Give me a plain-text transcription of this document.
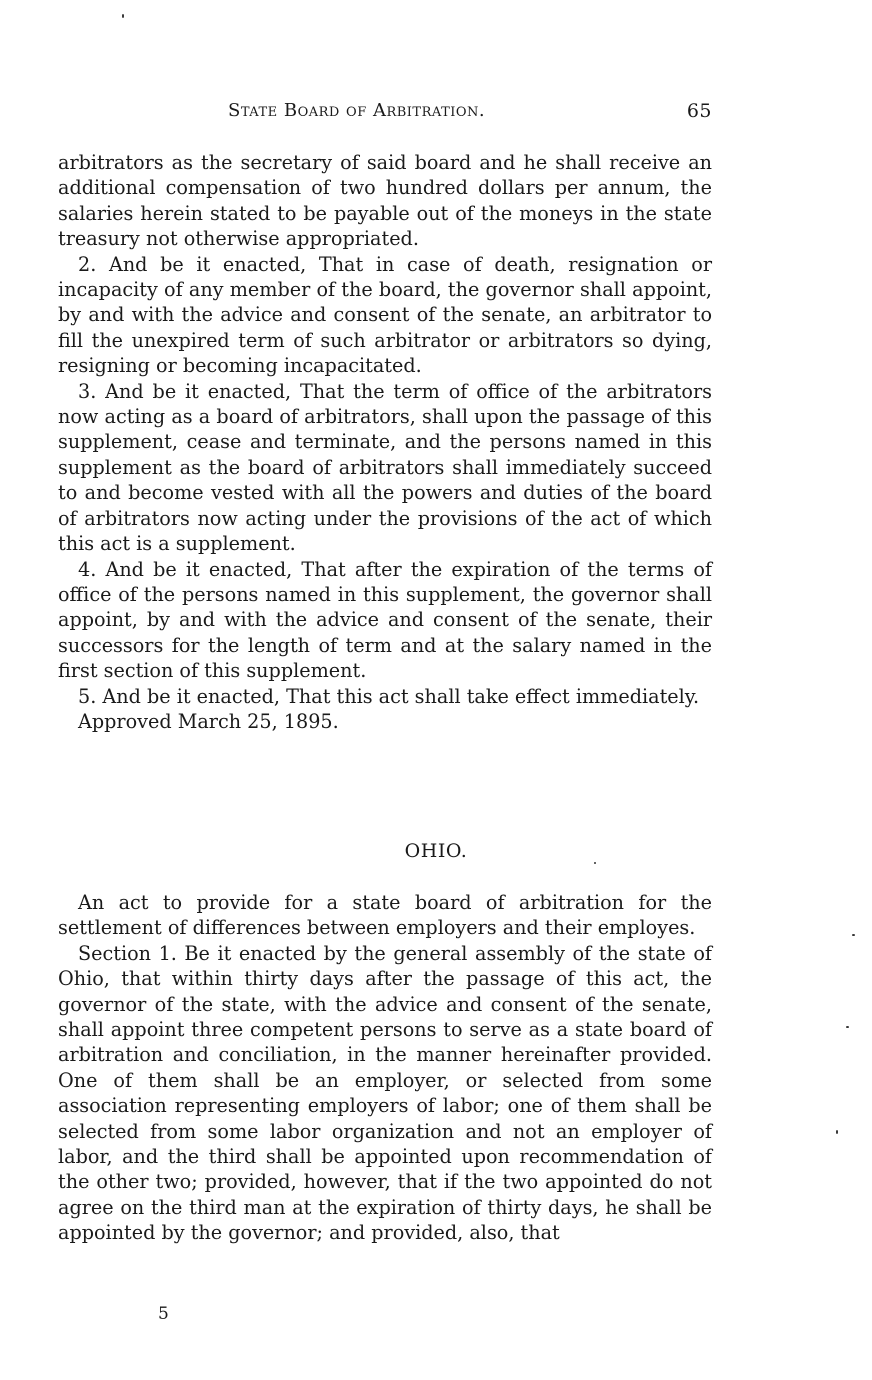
State Board of Arbitration.	65

arbitrators as the secretary of said board and he shall receive an additional compensation of two hundred dollars per annum, the salaries herein stated to be payable out of the moneys in the state treasury not otherwise appropriated.

2. And be it enacted, That in case of death, resignation or incapacity of any member of the board, the governor shall appoint, by and with the advice and consent of the senate, an arbitrator to fill the unexpired term of such arbitrator or arbitrators so dying, resigning or becoming incapacitated.

3. And be it enacted, That the term of office of the arbitrators now acting as a board of arbitrators, shall upon the passage of this supplement, cease and terminate, and the persons named in this supplement as the board of arbitrators shall immediately succeed to and become vested with all the powers and duties of the board of arbitrators now acting under the provisions of the act of which this act is a supplement.

4. And be it enacted, That after the expiration of the terms of office of the persons named in this supplement, the governor shall appoint, by and with the advice and consent of the senate, their successors for the length of term and at the salary named in the first section of this supplement.

5. And be it enacted, That this act shall take effect immediately.

Approved March 25, 1895.

OHIO.

An act to provide for a state board of arbitration for the settlement of differences between employers and their employes.

Section 1. Be it enacted by the general assembly of the state of Ohio, that within thirty days after the passage of this act, the governor of the state, with the advice and consent of the senate, shall appoint three competent persons to serve as a state board of arbitration and conciliation, in the manner hereinafter provided. One of them shall be an employer, or selected from some association representing employers of labor; one of them shall be selected from some labor organization and not an employer of labor, and the third shall be appointed upon recommendation of the other two; provided, however, that if the two appointed do not agree on the third man at the expiration of thirty days, he shall be appointed by the governor; and provided, also, that

5
